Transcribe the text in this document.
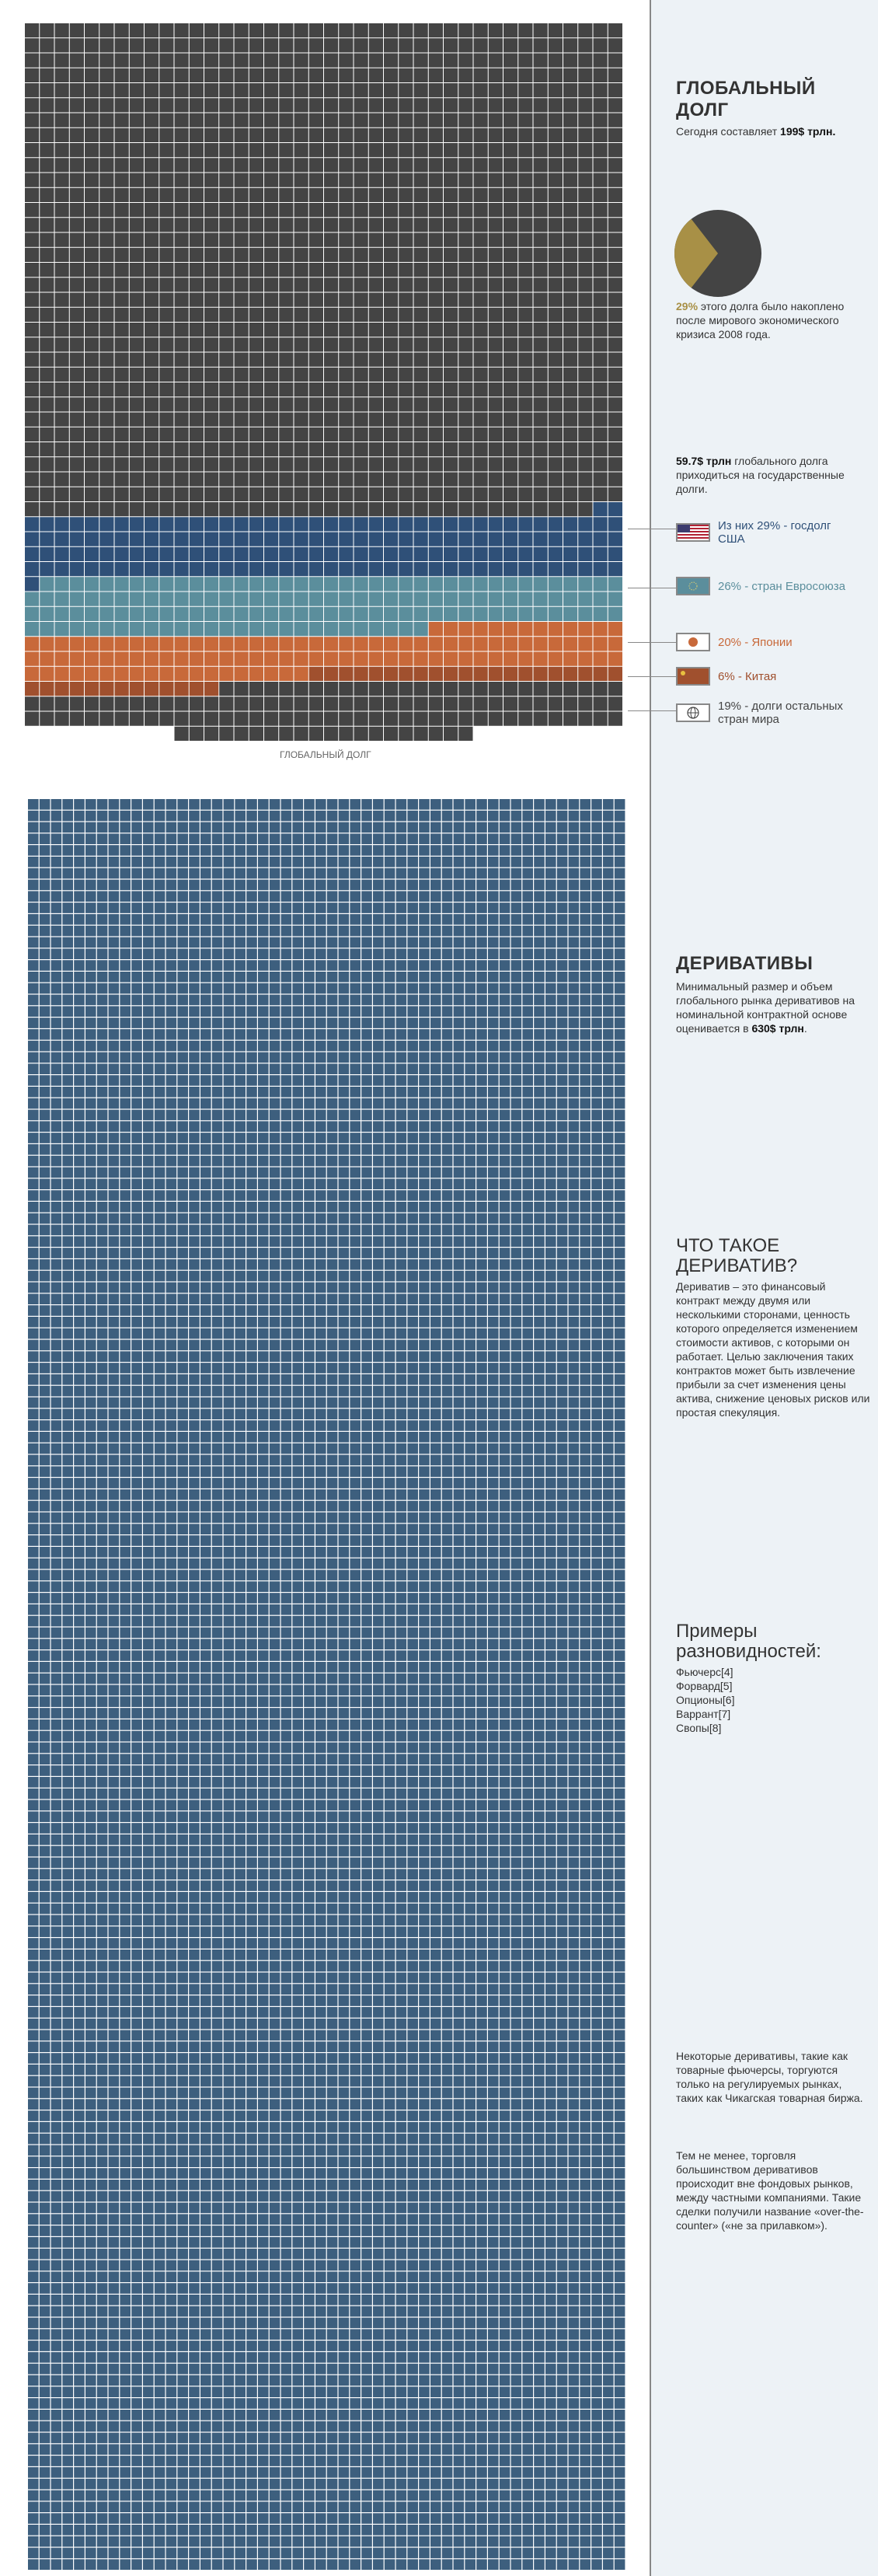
ГЛОБАЛЬНЫЙ ДОЛГ
ГЛОБАЛЬНЫЙ ДОЛГ
Сегодня составляет 199$ трлн.
29% этого долга было накоплено после мирового экономического кризиса 2008 года.
59.7$ трлн глобального долга приходиться на государственные долги.
Из них 29% - госдолг США
26% - стран Евросоюза
20% - Японии
6% - Китая
19% - долги остальных стран мира
ДЕРИВАТИВЫ
Минимальный размер и объем глобального рынка деривативов на номинальной контрактной основе оценивается в 630$ трлн.
ЧТО ТАКОЕ ДЕРИВАТИВ?
Дериватив – это финансовый контракт между двумя или несколькими сторонами, ценность которого определяется изменением стоимости активов, с которыми он работает. Целью заключения таких контрактов может быть извлечение прибыли за счет изменения цены актива, снижение ценовых рисков или простая спекуляция.
Примеры разновидностей:
Фьючерс[4]
Форвард[5]
Опционы[6]
Варрант[7]
Свопы[8]
Некоторые деривативы, такие как товарные фьючерсы, торгуются только на регулируемых рынках, таких как Чикагская товарная биржа.
Тем не менее, торговля большинством деривативов происходит вне фондовых рынков, между частными компаниями. Такие сделки получили название «over-the-counter» («не за прилавком»).
